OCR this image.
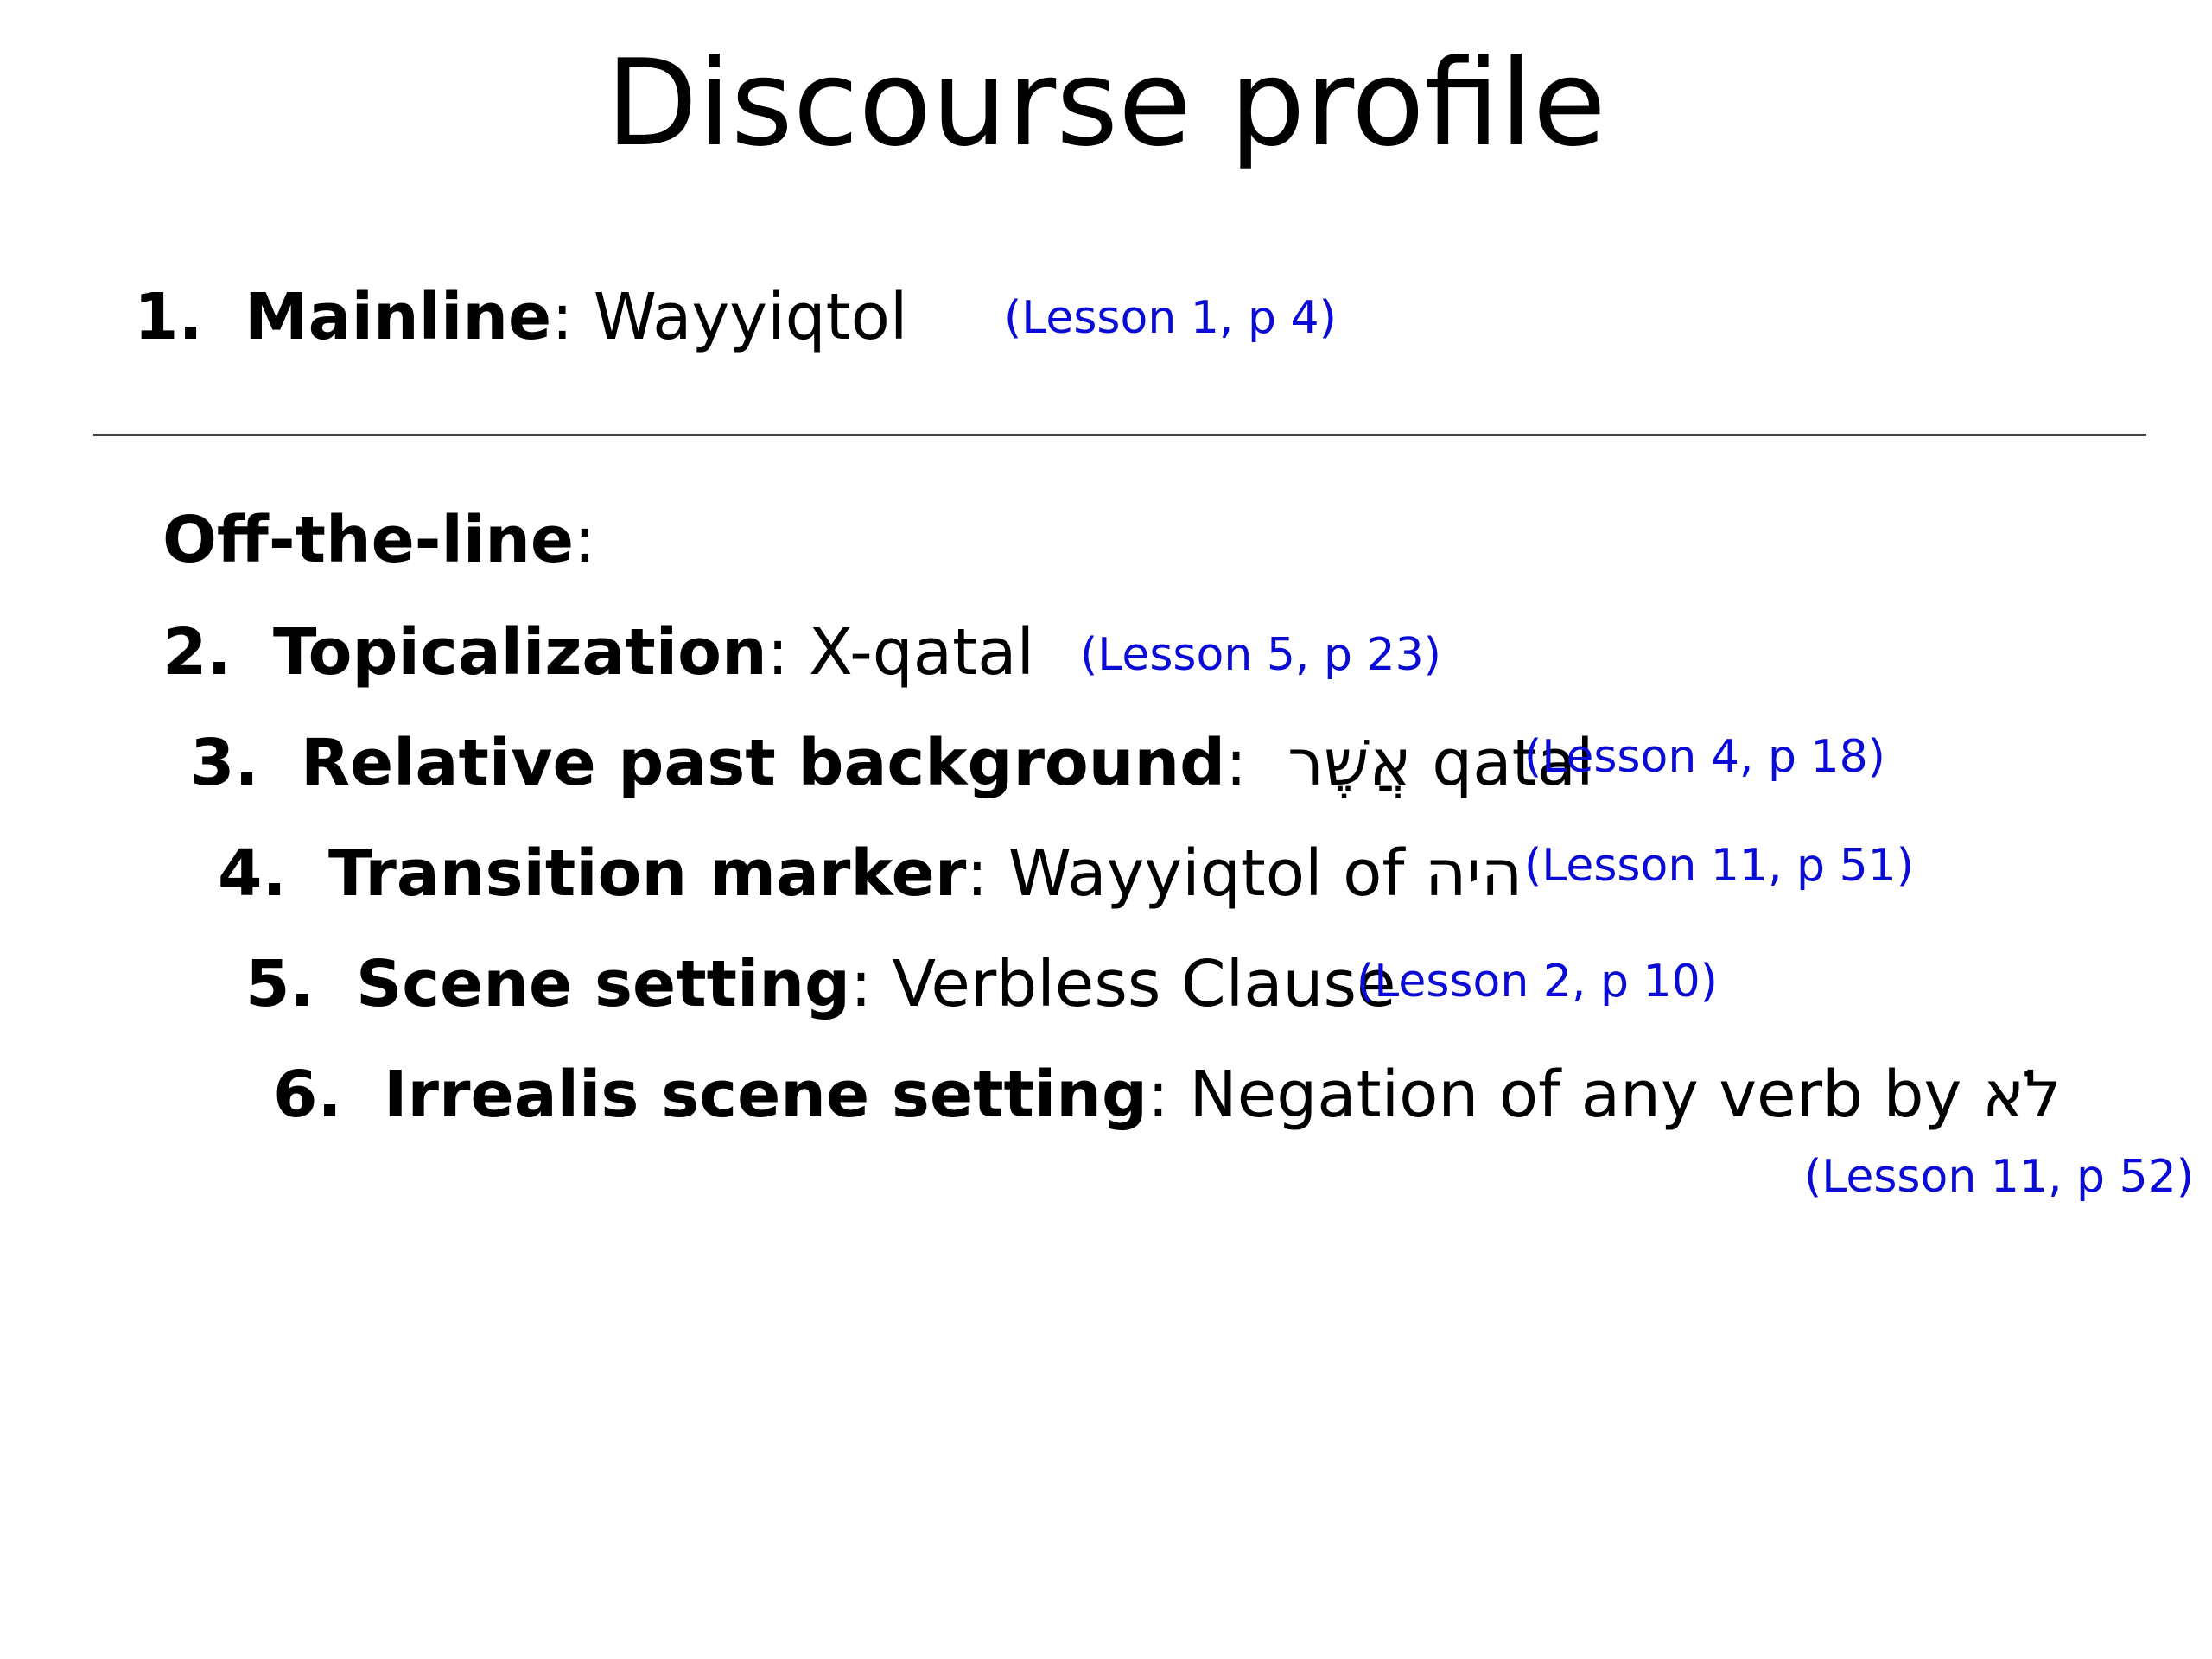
Discourse profile
1. Mainline: Wayyiqtol (Lesson 1, p 4)
Off-the-line:
2. Topicalization: X-qatal (Lesson 5, p 23)
3. Relative past background: אֲשֶׁר qatal
(Lesson 4, p 18)
4. Transition marker: Wayyiqtol of היה (Lesson 11, p 51)
5. Scene setting: Verbless Clause
(Lesson 2, p 10)
6. Irrealis scene setting: Negation of any verb by לֹא
(Lesson 11, p 52)
